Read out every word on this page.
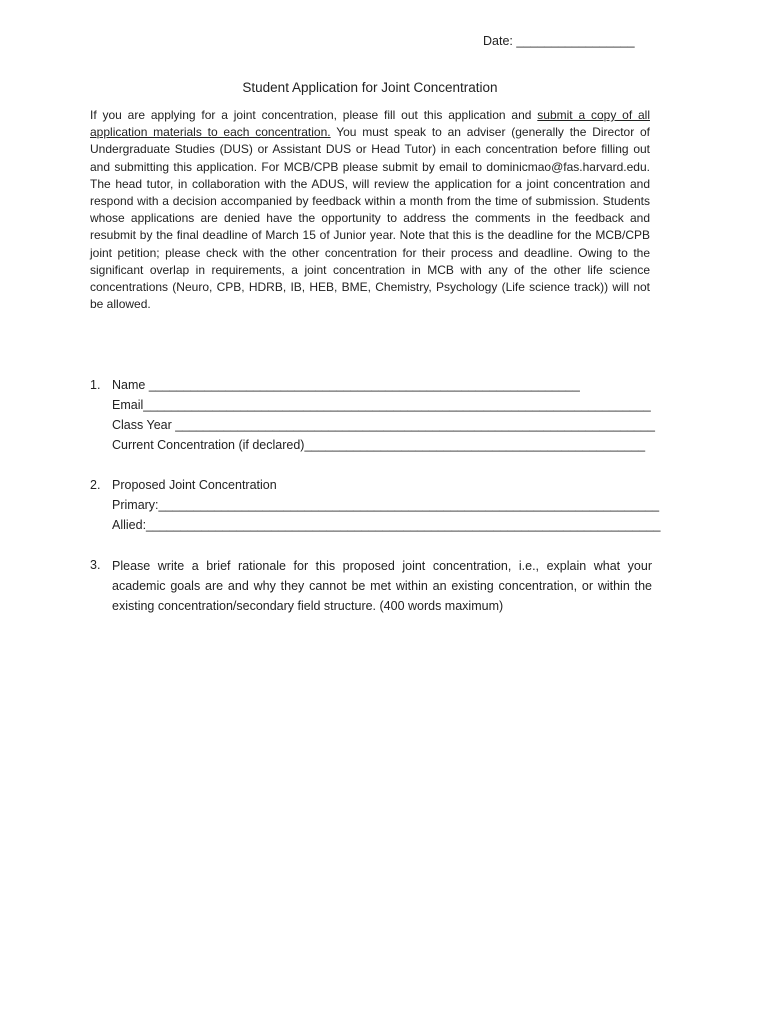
Date: _________________
Student Application for Joint Concentration
If you are applying for a joint concentration, please fill out this application and submit a copy of all application materials to each concentration. You must speak to an adviser (generally the Director of Undergraduate Studies (DUS) or Assistant DUS or Head Tutor) in each concentration before filling out and submitting this application. For MCB/CPB please submit by email to dominicmao@fas.harvard.edu. The head tutor, in collaboration with the ADUS, will review the application for a joint concentration and respond with a decision accompanied by feedback within a month from the time of submission. Students whose applications are denied have the opportunity to address the comments in the feedback and resubmit by the final deadline of March 15 of Junior year. Note that this is the deadline for the MCB/CPB joint petition; please check with the other concentration for their process and deadline. Owing to the significant overlap in requirements, a joint concentration in MCB with any of the other life science concentrations (Neuro, CPB, HDRB, IB, HEB, BME, Chemistry, Psychology (Life science track)) will not be allowed.
1. Name ______________________________________________________________
Email_________________________________________________________________________
Class Year _____________________________________________________________________
Current Concentration (if declared)_________________________________________________
2. Proposed Joint Concentration
Primary:________________________________________________________________________
Allied:__________________________________________________________________________
3. Please write a brief rationale for this proposed joint concentration, i.e., explain what your academic goals are and why they cannot be met within an existing concentration, or within the existing concentration/secondary field structure. (400 words maximum)
